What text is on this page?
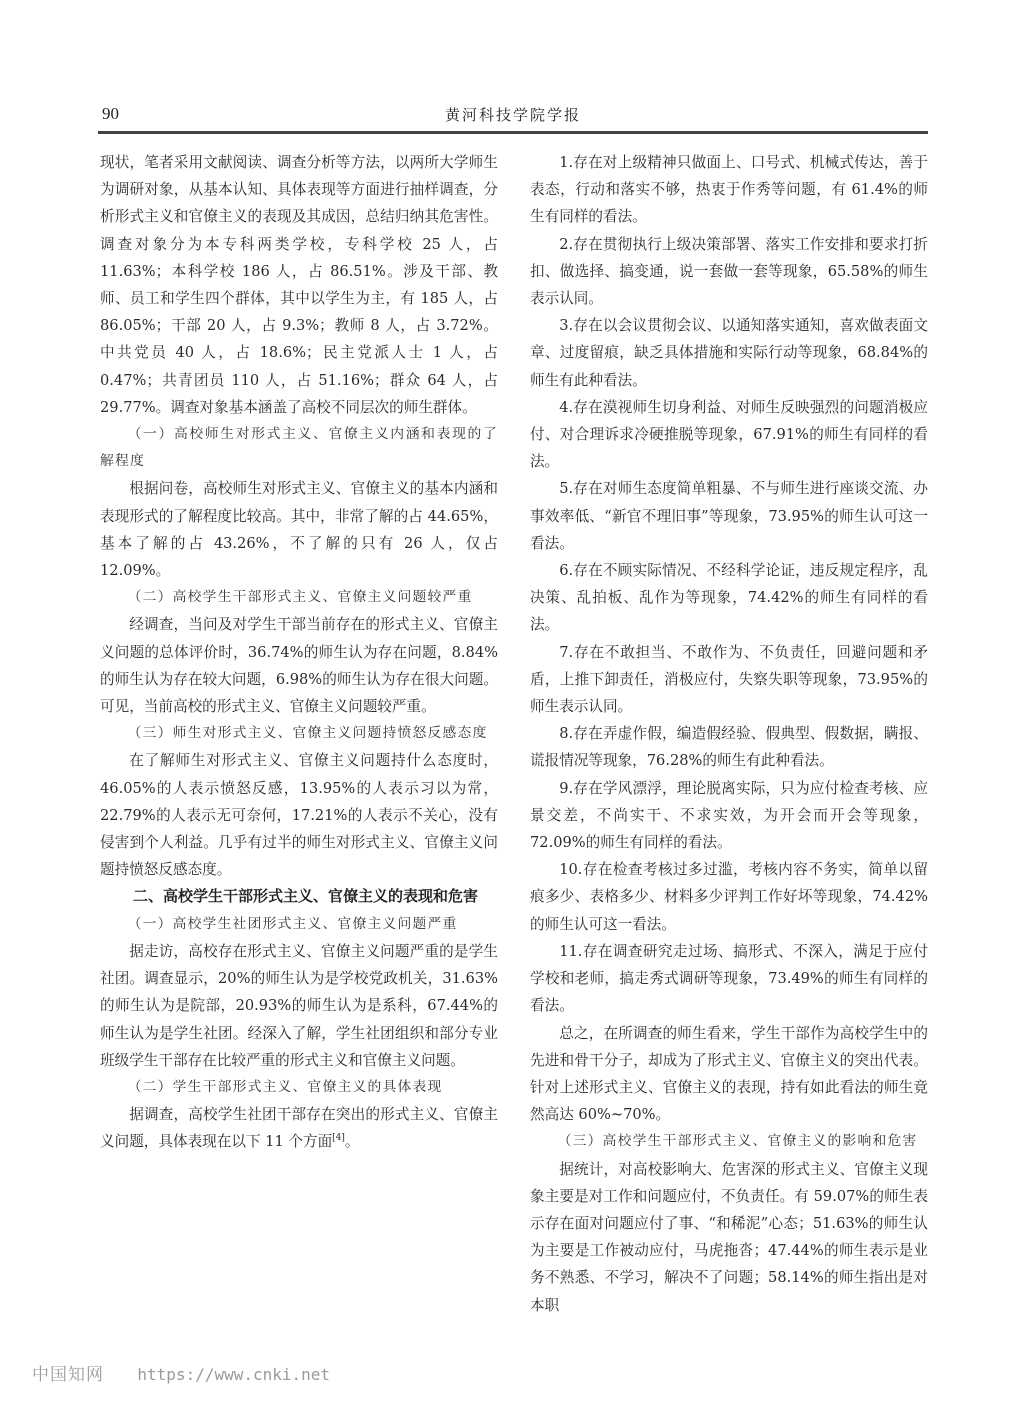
90	黄河科技学院学报

现状，笔者采用文献阅读、调查分析等方法，以两所大学师生为调研对象，从基本认知、具体表现等方面进行抽样调查，分析形式主义和官僚主义的表现及其成因，总结归纳其危害性。调查对象分为本专科两类学校，专科学校 25 人，占 11.63%；本科学校 186 人，占 86.51%。涉及干部、教师、员工和学生四个群体，其中以学生为主，有 185 人，占 86.05%；干部 20 人，占 9.3%；教师 8 人，占 3.72%。中共党员 40 人，占 18.6%；民主党派人士 1 人，占 0.47%；共青团员 110 人，占 51.16%；群众 64 人，占 29.77%。调查对象基本涵盖了高校不同层次的师生群体。

（一）高校师生对形式主义、官僚主义内涵和表现的了解程度

根据问卷，高校师生对形式主义、官僚主义的基本内涵和表现形式的了解程度比较高。其中，非常了解的占 44.65%，基本了解的占 43.26%，不了解的只有 26 人，仅占 12.09%。

（二）高校学生干部形式主义、官僚主义问题较严重

经调查，当问及对学生干部当前存在的形式主义、官僚主义问题的总体评价时，36.74%的师生认为存在问题，8.84%的师生认为存在较大问题，6.98%的师生认为存在很大问题。可见，当前高校的形式主义、官僚主义问题较严重。

（三）师生对形式主义、官僚主义问题持愤怒反感态度

在了解师生对形式主义、官僚主义问题持什么态度时，46.05%的人表示愤怒反感，13.95%的人表示习以为常，22.79%的人表示无可奈何，17.21%的人表示不关心，没有侵害到个人利益。几乎有过半的师生对形式主义、官僚主义问题持愤怒反感态度。

二、高校学生干部形式主义、官僚主义的表现和危害

（一）高校学生社团形式主义、官僚主义问题严重

据走访，高校存在形式主义、官僚主义问题严重的是学生社团。调查显示，20%的师生认为是学校党政机关，31.63%的师生认为是院部，20.93%的师生认为是系科，67.44%的师生认为是学生社团。经深入了解，学生社团组织和部分专业班级学生干部存在比较严重的形式主义和官僚主义问题。

（二）学生干部形式主义、官僚主义的具体表现

据调查，高校学生社团干部存在突出的形式主义、官僚主义问题，具体表现在以下 11 个方面[4]。

1.存在对上级精神只做面上、口号式、机械式传达，善于表态，行动和落实不够，热衷于作秀等问题，有 61.4%的师生有同样的看法。

2.存在贯彻执行上级决策部署、落实工作安排和要求打折扣、做选择、搞变通，说一套做一套等现象，65.58%的师生表示认同。

3.存在以会议贯彻会议、以通知落实通知，喜欢做表面文章、过度留痕，缺乏具体措施和实际行动等现象，68.84%的师生有此种看法。

4.存在漠视师生切身利益、对师生反映强烈的问题消极应付、对合理诉求冷硬推脱等现象，67.91%的师生有同样的看法。

5.存在对师生态度简单粗暴、不与师生进行座谈交流、办事效率低、“新官不理旧事”等现象，73.95%的师生认可这一看法。

6.存在不顾实际情况、不经科学论证，违反规定程序，乱决策、乱拍板、乱作为等现象，74.42%的师生有同样的看法。

7.存在不敢担当、不敢作为、不负责任，回避问题和矛盾，上推下卸责任，消极应付，失察失职等现象，73.95%的师生表示认同。

8.存在弄虚作假，编造假经验、假典型、假数据，瞒报、谎报情况等现象，76.28%的师生有此种看法。

9.存在学风漂浮，理论脱离实际，只为应付检查考核、应景交差，不尚实干、不求实效，为开会而开会等现象，72.09%的师生有同样的看法。

10.存在检查考核过多过滥，考核内容不务实，简单以留痕多少、表格多少、材料多少评判工作好坏等现象，74.42%的师生认可这一看法。

11.存在调查研究走过场、搞形式、不深入，满足于应付学校和老师，搞走秀式调研等现象，73.49%的师生有同样的看法。

总之，在所调查的师生看来，学生干部作为高校学生中的先进和骨干分子，却成为了形式主义、官僚主义的突出代表。针对上述形式主义、官僚主义的表现，持有如此看法的师生竟然高达 60%~70%。

（三）高校学生干部形式主义、官僚主义的影响和危害

据统计，对高校影响大、危害深的形式主义、官僚主义现象主要是对工作和问题应付，不负责任。有 59.07%的师生表示存在面对问题应付了事、“和稀泥”心态；51.63%的师生认为主要是工作被动应付，马虎拖沓；47.44%的师生表示是业务不熟悉、不学习，解决不了问题；58.14%的师生指出是对本职

中国知网 https://www.cnki.net
